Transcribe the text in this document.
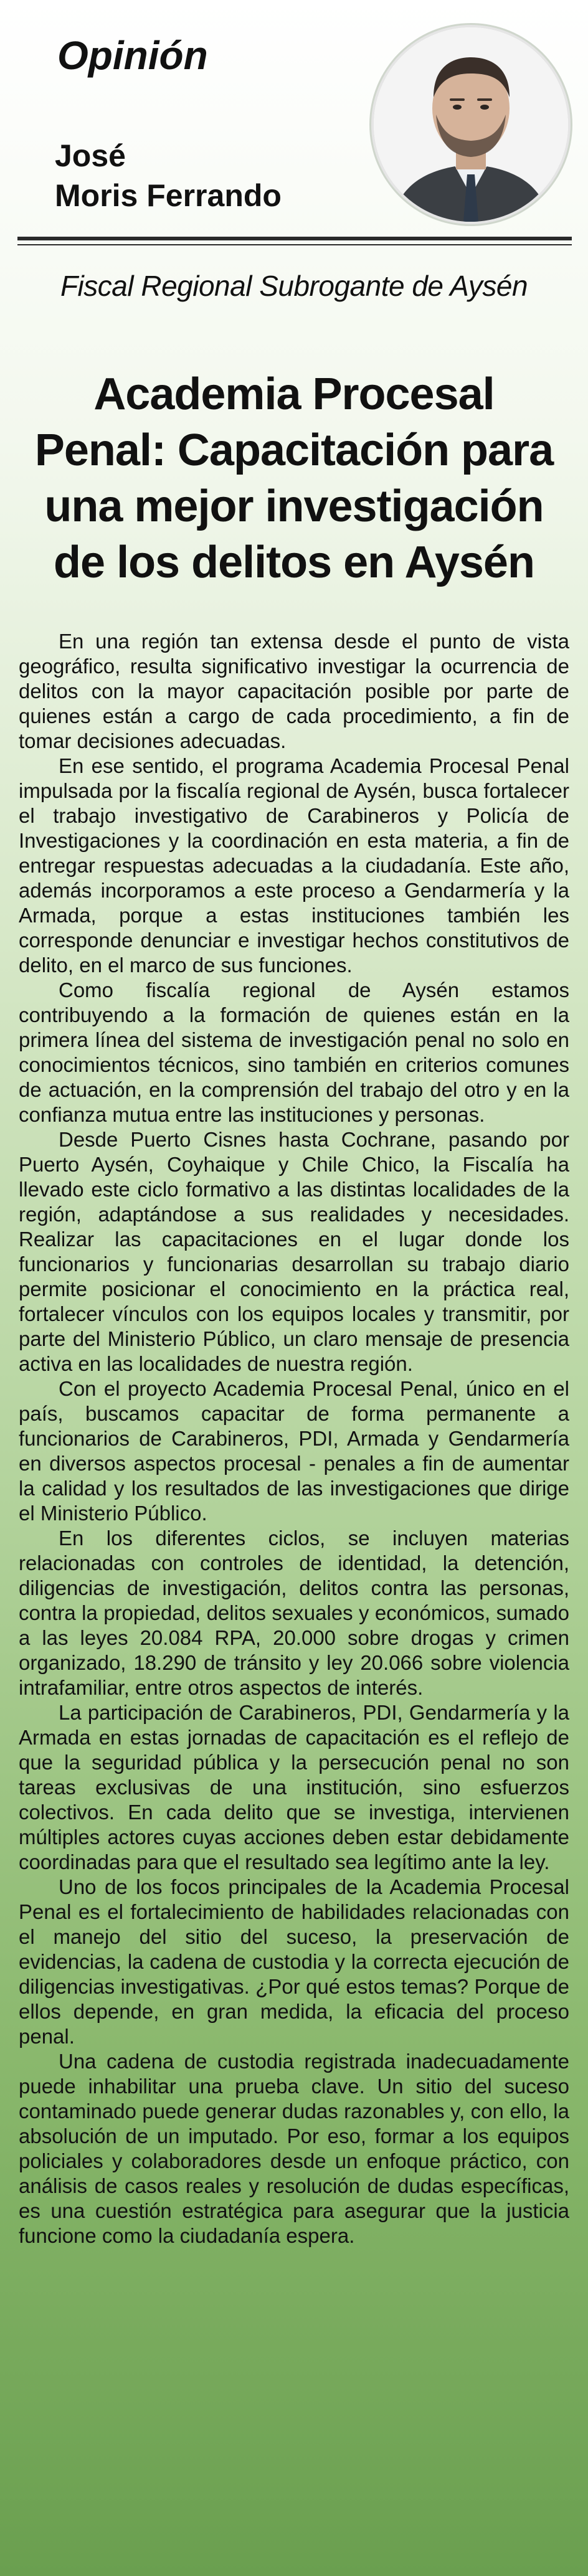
Opinión
José
Moris Ferrando

Fiscal Regional Subrogante de Aysén

Academia Procesal Penal: Capacitación para una mejor investigación de los delitos en Aysén

En una región tan extensa desde el punto de vista geográfico, resulta significativo investigar la ocurrencia de delitos con la mayor capacitación posible por parte de quienes están a cargo de cada procedimiento, a fin de tomar decisiones adecuadas.

En ese sentido, el programa Academia Procesal Penal impulsada por la fiscalía regional de Aysén, busca fortalecer el trabajo investigativo de Carabineros y Policía de Investigaciones y la coordinación en esta materia, a fin de entregar respuestas adecuadas a la ciudadanía. Este año, además incorporamos a este proceso a Gendarmería y la Armada, porque a estas instituciones también les corresponde denunciar e investigar hechos constitutivos de delito, en el marco de sus funciones.

Como fiscalía regional de Aysén estamos contribuyendo a la formación de quienes están en la primera línea del sistema de investigación penal no solo en conocimientos técnicos, sino también en criterios comunes de actuación, en la comprensión del trabajo del otro y en la confianza mutua entre las instituciones y personas.

Desde Puerto Cisnes hasta Cochrane, pasando por Puerto Aysén, Coyhaique y Chile Chico, la Fiscalía ha llevado este ciclo formativo a las distintas localidades de la región, adaptándose a sus realidades y necesidades. Realizar las capacitaciones en el lugar donde los funcionarios y funcionarias desarrollan su trabajo diario permite posicionar el conocimiento en la práctica real, fortalecer vínculos con los equipos locales y transmitir, por parte del Ministerio Público, un claro mensaje de presencia activa en las localidades de nuestra región.

Con el proyecto Academia Procesal Penal, único en el país, buscamos capacitar de forma permanente a funcionarios de Carabineros, PDI, Armada y Gendarmería en diversos aspectos procesal - penales a fin de aumentar la calidad y los resultados de las investigaciones que dirige el Ministerio Público.

En los diferentes ciclos, se incluyen materias relacionadas con controles de identidad, la detención, diligencias de investigación, delitos contra las personas, contra la propiedad, delitos sexuales y económicos, sumado a las leyes 20.084 RPA, 20.000 sobre drogas y crimen organizado, 18.290 de tránsito y ley 20.066 sobre violencia intrafamiliar, entre otros aspectos de interés.

La participación de Carabineros, PDI, Gendarmería y la Armada en estas jornadas de capacitación es el reflejo de que la seguridad pública y la persecución penal no son tareas exclusivas de una institución, sino esfuerzos colectivos. En cada delito que se investiga, intervienen múltiples actores cuyas acciones deben estar debidamente coordinadas para que el resultado sea legítimo ante la ley.

Uno de los focos principales de la Academia Procesal Penal es el fortalecimiento de habilidades relacionadas con el manejo del sitio del suceso, la preservación de evidencias, la cadena de custodia y la correcta ejecución de diligencias investigativas. ¿Por qué estos temas? Porque de ellos depende, en gran medida, la eficacia del proceso penal.

Una cadena de custodia registrada inadecuadamente puede inhabilitar una prueba clave. Un sitio del suceso contaminado puede generar dudas razonables y, con ello, la absolución de un imputado. Por eso, formar a los equipos policiales y colaboradores desde un enfoque práctico, con análisis de casos reales y resolución de dudas específicas, es una cuestión estratégica para asegurar que la justicia funcione como la ciudadanía espera.
